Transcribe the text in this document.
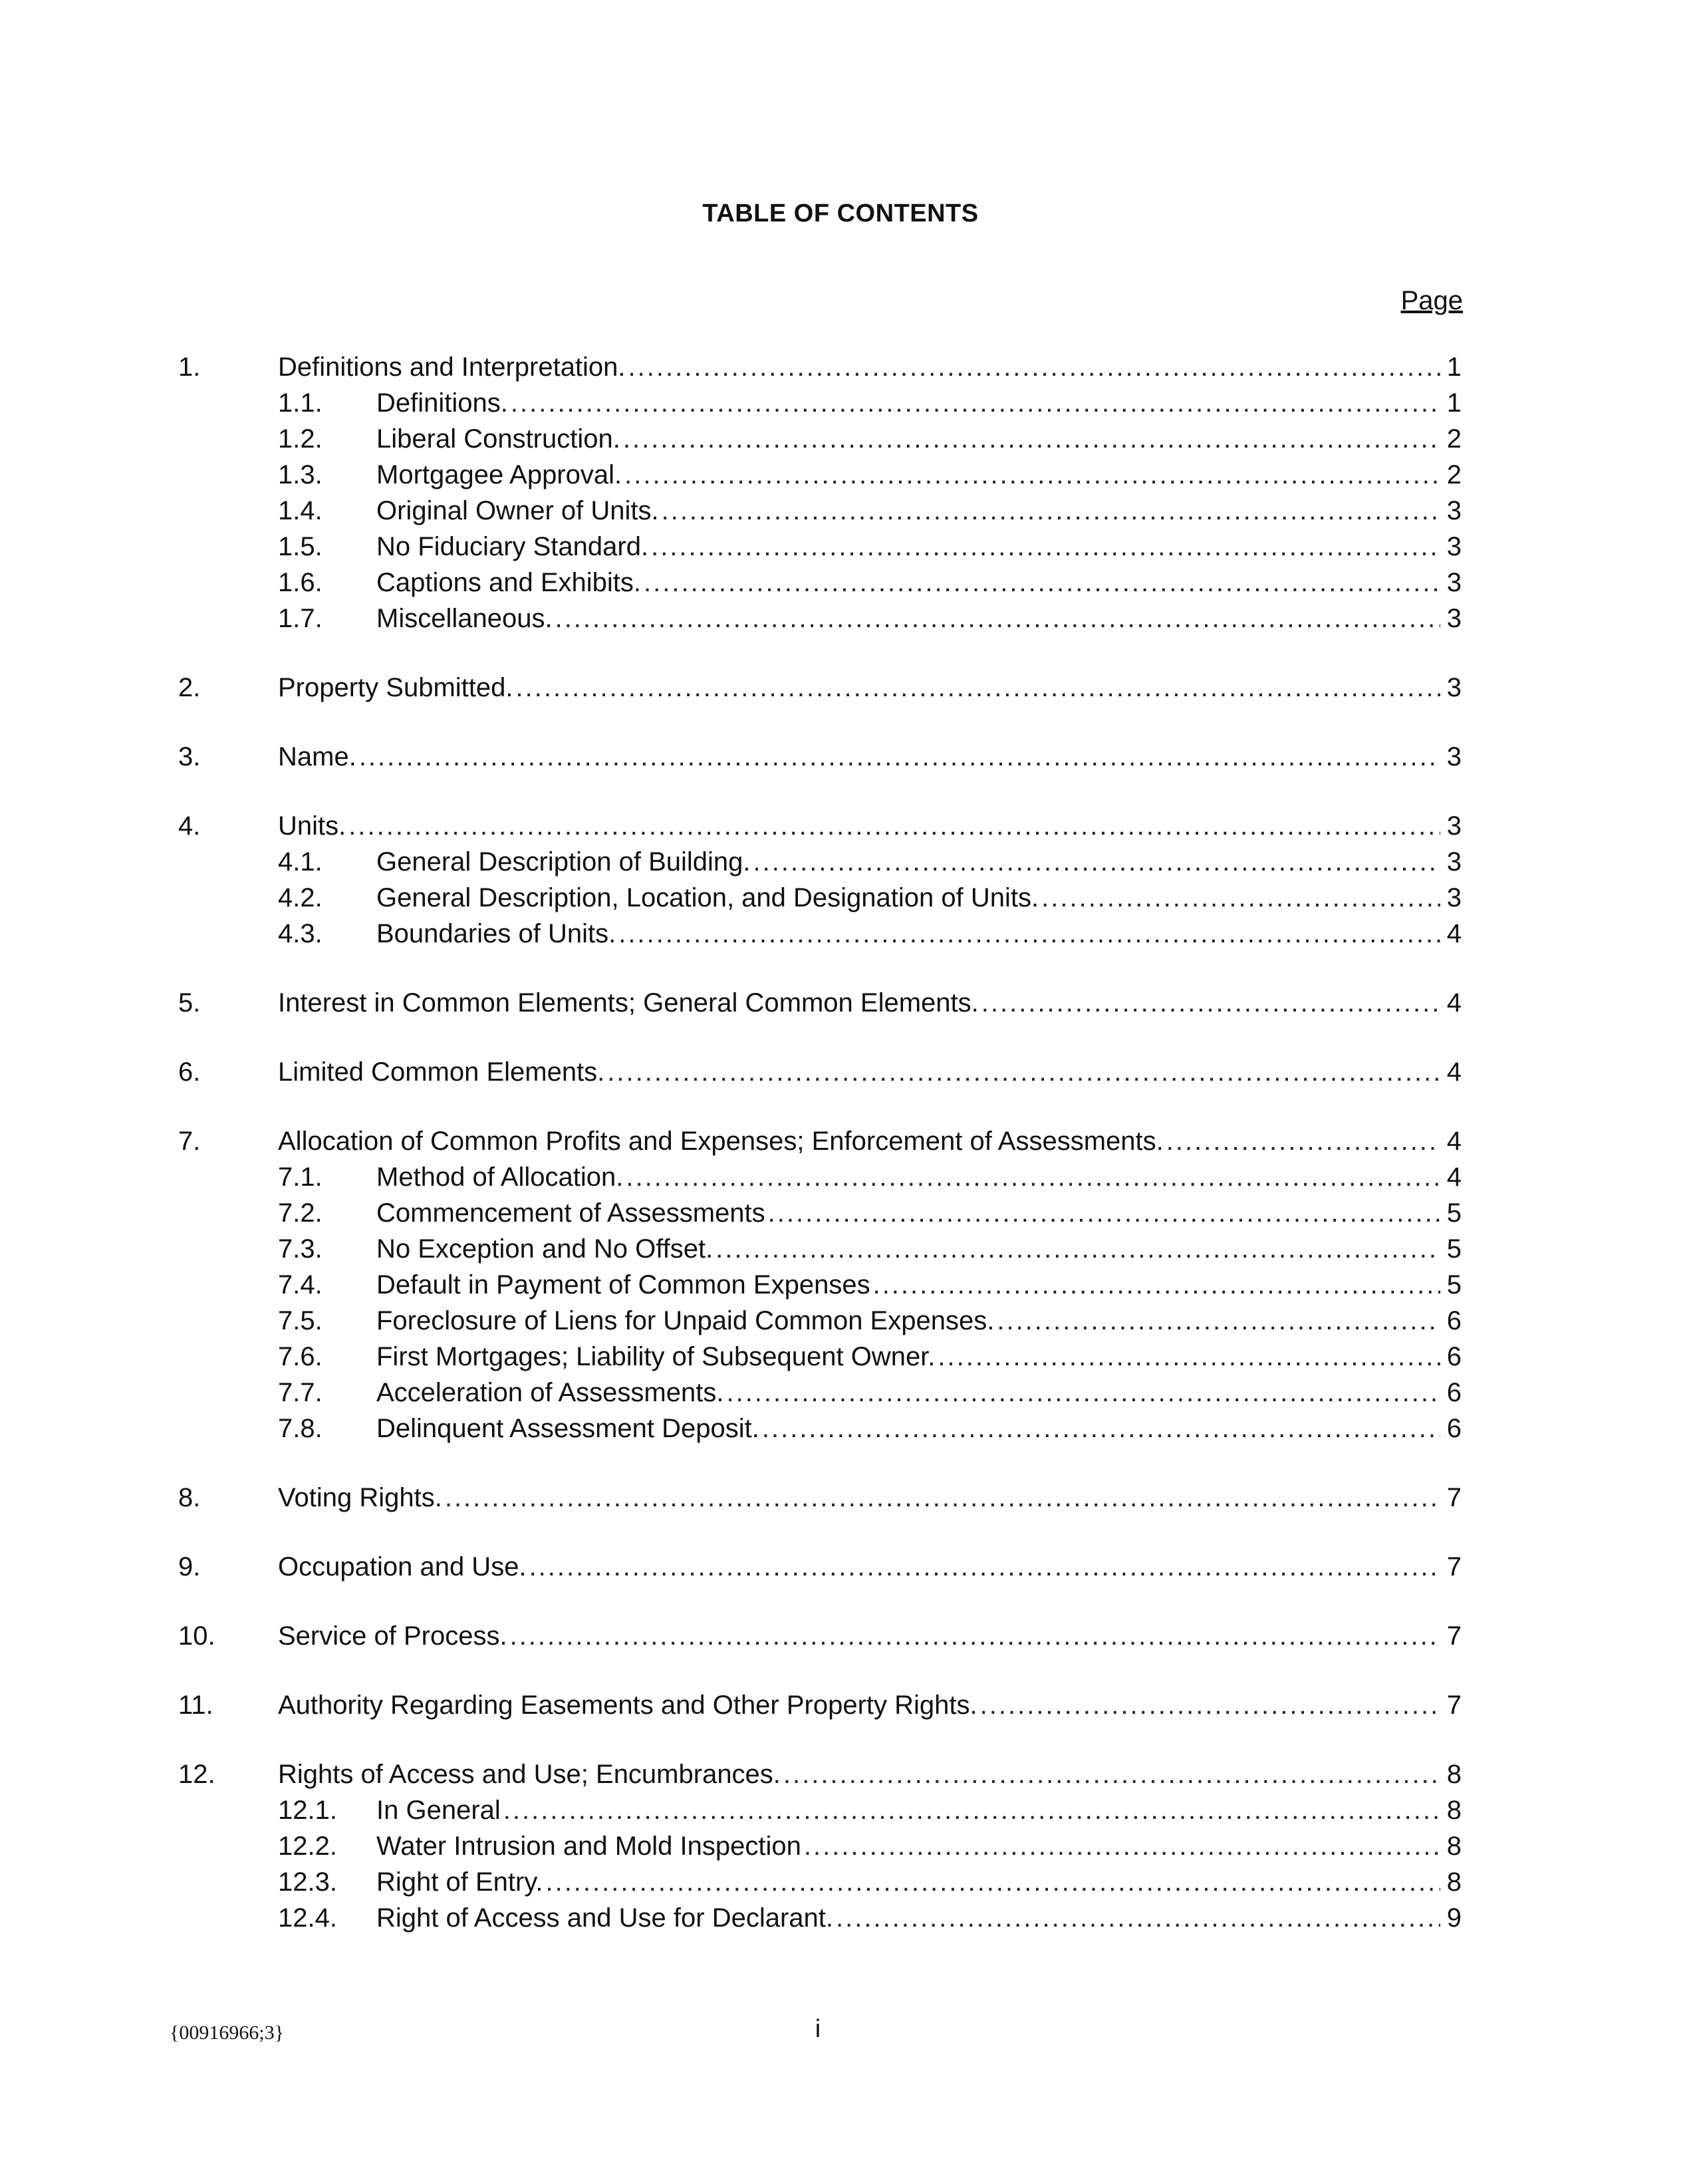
TABLE OF CONTENTS
Page
1.	Definitions and Interpretation. .....	1
1.1. Definitions. .....	1
1.2. Liberal Construction. .....	2
1.3. Mortgagee Approval. .....	2
1.4. Original Owner of Units. .....	3
1.5. No Fiduciary Standard. .....	3
1.6. Captions and Exhibits. .....	3
1.7. Miscellaneous. .....	3
2.	Property Submitted. .....	3
3.	Name. .....	3
4.	Units. .....	3
4.1. General Description of Building. .....	3
4.2. General Description, Location, and Designation of Units. .....	3
4.3. Boundaries of Units. .....	4
5.	Interest in Common Elements; General Common Elements. .....	4
6.	Limited Common Elements. .....	4
7.	Allocation of Common Profits and Expenses; Enforcement of Assessments. .....	4
7.1. Method of Allocation. .....	4
7.2. Commencement of Assessments .....	5
7.3. No Exception and No Offset. .....	5
7.4. Default in Payment of Common Expenses .....	5
7.5. Foreclosure of Liens for Unpaid Common Expenses. .....	6
7.6. First Mortgages; Liability of Subsequent Owner. .....	6
7.7. Acceleration of Assessments. .....	6
7.8. Delinquent Assessment Deposit. .....	6
8.	Voting Rights. .....	7
9.	Occupation and Use. .....	7
10. Service of Process. .....	7
11. Authority Regarding Easements and Other Property Rights. .....	7
12. Rights of Access and Use; Encumbrances. .....	8
12.1. In General .....	8
12.2. Water Intrusion and Mold Inspection .....	8
12.3. Right of Entry. .....	8
12.4. Right of Access and Use for Declarant. .....	9
{00916966;3}	i
